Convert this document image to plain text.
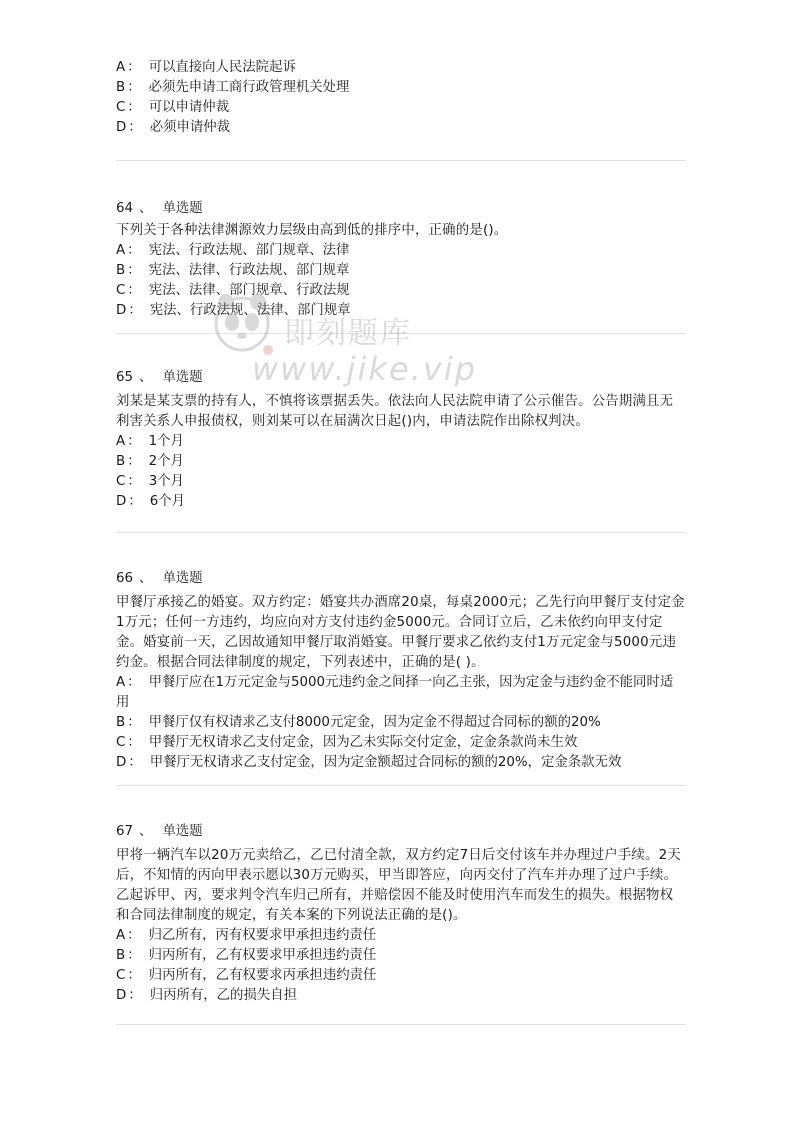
A ： 可以直接向人民法院起诉
B ： 必须先申请工商行政管理机关处理
C ： 可以申请仲裁
D ： 必须申请仲裁
64 、 单选题
下列关于各种法律渊源效力层级由高到低的排序中，正确的是()。
A ： 宪法、行政法规、部门规章、法律
B ： 宪法、法律、行政法规、部门规章
C ： 宪法、法律、部门规章、行政法规
D ： 宪法、行政法规、法律、部门规章
65 、 单选题
刘某是某支票的持有人，不慎将该票据丢失。依法向人民法院申请了公示催告。公告期满且无利害关系人申报债权，则刘某可以在届满次日起()内，申请法院作出除权判决。
A ： 1个月
B ： 2个月
C ： 3个月
D ： 6个月
66 、 单选题
甲餐厅承接乙的婚宴。双方约定：婚宴共办酒席20桌，每桌2000元；乙先行向甲餐厅支付定金1万元；任何一方违约，均应向对方支付违约金5000元。合同订立后，乙未依约向甲支付定金。婚宴前一天，乙因故通知甲餐厅取消婚宴。甲餐厅要求乙依约支付1万元定金与5000元违约金。根据合同法律制度的规定，下列表述中，正确的是( )。
A ： 甲餐厅应在1万元定金与5000元违约金之间择一向乙主张，因为定金与违约金不能同时适用
B ： 甲餐厅仅有权请求乙支付8000元定金，因为定金不得超过合同标的额的20%
C ： 甲餐厅无权请求乙支付定金，因为乙未实际交付定金，定金条款尚未生效
D ： 甲餐厅无权请求乙支付定金，因为定金额超过合同标的额的20%，定金条款无效
67 、 单选题
甲将一辆汽车以20万元卖给乙，乙已付清全款，双方约定7日后交付该车并办理过户手续。2天后，不知情的丙向甲表示愿以30万元购买，甲当即答应，向丙交付了汽车并办理了过户手续。乙起诉甲、丙，要求判令汽车归己所有，并赔偿因不能及时使用汽车而发生的损失。根据物权和合同法律制度的规定，有关本案的下列说法正确的是()。
A ： 归乙所有，丙有权要求甲承担违约责任
B ： 归丙所有，乙有权要求甲承担违约责任
C ： 归丙所有，乙有权要求丙承担违约责任
D ： 归丙所有，乙的损失自担
即刻题库
www.jike.vip
